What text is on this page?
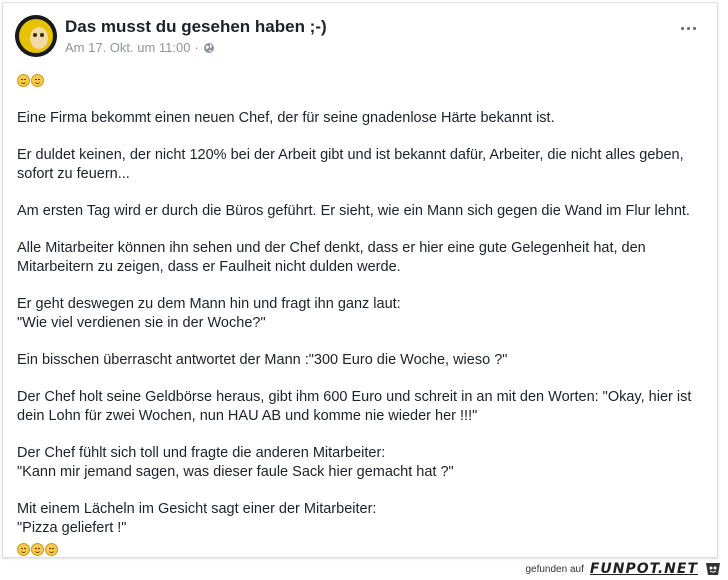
Das musst du gesehen haben ;-)
Am 17. Okt. um 11:00 ·

Eine Firma bekommt einen neuen Chef, der für seine gnadenlose Härte bekannt ist.

Er duldet keinen, der nicht 120% bei der Arbeit gibt und ist bekannt dafür, Arbeiter, die nicht alles geben, sofort zu feuern...

Am ersten Tag wird er durch die Büros geführt. Er sieht, wie ein Mann sich gegen die Wand im Flur lehnt.

Alle Mitarbeiter können ihn sehen und der Chef denkt, dass er hier eine gute Gelegenheit hat, den Mitarbeitern zu zeigen, dass er Faulheit nicht dulden werde.

Er geht deswegen zu dem Mann hin und fragt ihn ganz laut:
"Wie viel verdienen sie in der Woche?"

Ein bisschen überrascht antwortet der Mann :"300 Euro die Woche, wieso ?"

Der Chef holt seine Geldbörse heraus, gibt ihm 600 Euro und schreit in an mit den Worten: "Okay, hier ist dein Lohn für zwei Wochen, nun HAU AB und komme nie wieder her !!!"

Der Chef fühlt sich toll und fragte die anderen Mitarbeiter:
"Kann mir jemand sagen, was dieser faule Sack hier gemacht hat ?"

Mit einem Lächeln im Gesicht sagt einer der Mitarbeiter:
"Pizza geliefert !"

gefunden auf FUNPOT.NET
